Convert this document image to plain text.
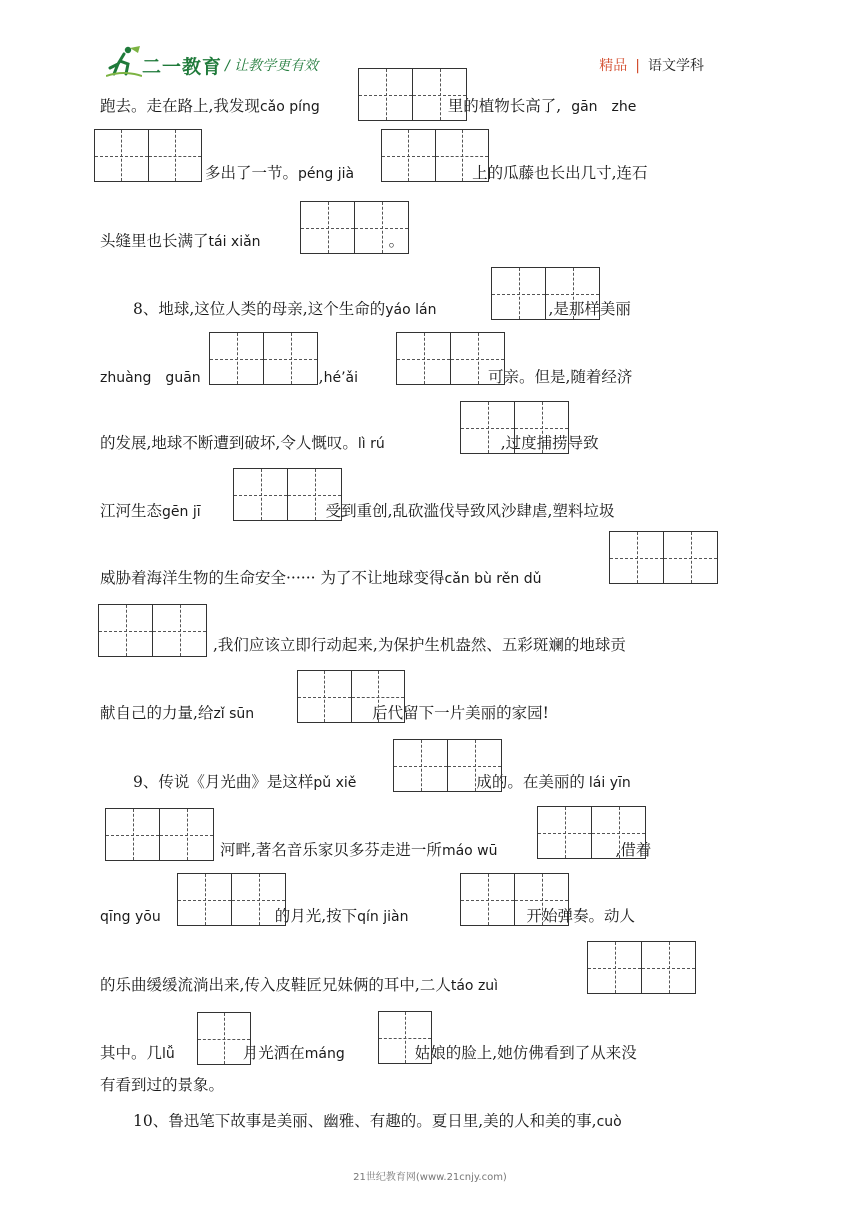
二一教育 / 让教学更有效	精品 | 语文学科
跑去。走在路上,我发现cǎo píng	里的植物长高了, gān　zhe
多出了一节。péng jià	上的瓜藤也长出几寸,连石
头缝里也长满了tái xiǎn	。
8、地球,这位人类的母亲,这个生命的yáo lán	,是那样美丽
zhuàng　guān	,hé’ǎi	可亲。但是,随着经济
的发展,地球不断遭到破坏,令人慨叹。lì rú	,过度捕捞导致
江河生态gēn jī	受到重创,乱砍滥伐导致风沙肆虐,塑料垃圾
威胁着海洋生物的生命安全······ 为了不让地球变得cǎn bù rěn dǔ
,我们应该立即行动起来,为保护生机盎然、五彩斑斓的地球贡
献自己的力量,给zǐ sūn	后代留下一片美丽的家园!
9、传说《月光曲》是这样pǔ xiě	成的。在美丽的 lái yīn
河畔,著名音乐家贝多芬走进一所máo wū	,借着
qīng yōu	的月光,按下qín jiàn	开始弹奏。动人
的乐曲缓缓流淌出来,传入皮鞋匠兄妹俩的耳中,二人táo zuì
其中。几lǚ	月光洒在máng	姑娘的脸上,她仿佛看到了从来没
有看到过的景象。
10、鲁迅笔下故事是美丽、幽雅、有趣的。夏日里,美的人和美的事,cuò
21世纪教育网(www.21cnjy.com)
